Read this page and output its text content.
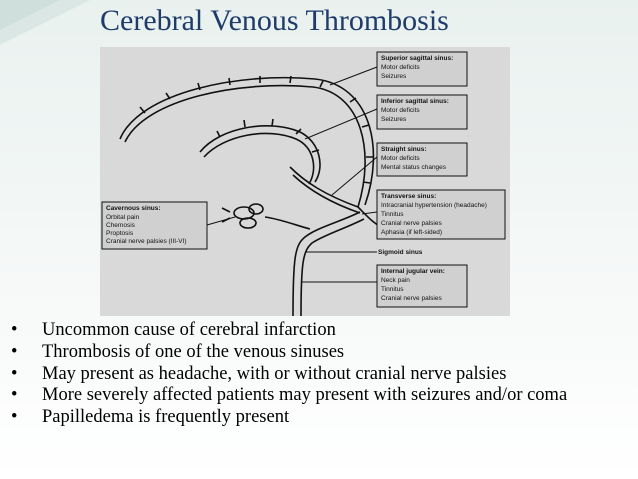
Cerebral Venous Thrombosis
Superior sagittal sinus:
Motor deficits
Seizures
Inferior sagittal sinus:
Motor deficits
Seizures
Straight sinus:
Motor deficits
Mental status changes
Transverse sinus:
Intracranial hypertension (headache)
Tinnitus
Cranial nerve palsies
Aphasia (if left-sided)
Sigmoid sinus
Internal jugular vein:
Neck pain
Tinnitus
Cranial nerve palsies
Cavernous sinus:
Orbital pain
Chemosis
Proptosis
Cranial nerve palsies (III-VI)
• Uncommon cause of cerebral infarction
• Thrombosis of one of the venous sinuses
• May present as headache, with or without cranial nerve palsies
• More severely affected patients may present with seizures and/or coma
• Papilledema is frequently present
